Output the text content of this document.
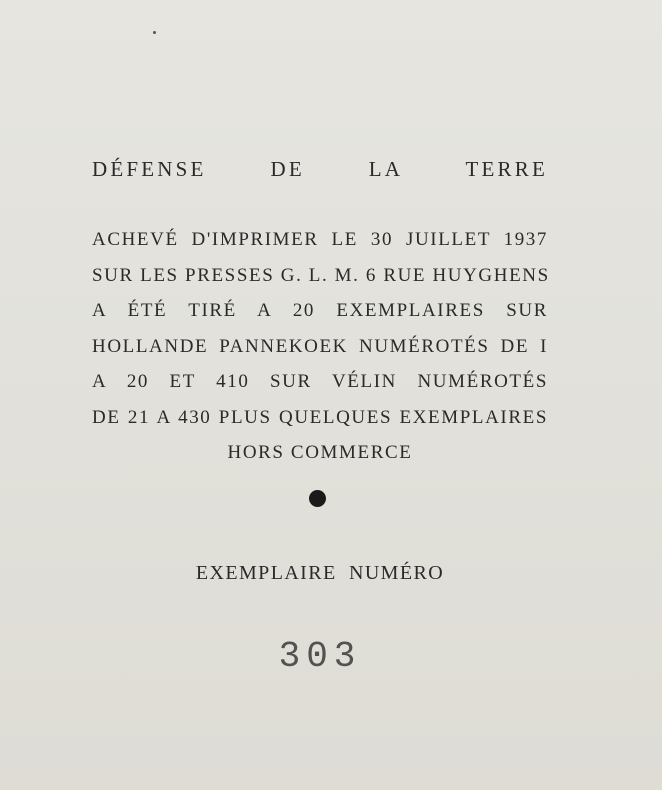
DÉFENSE DE LA TERRE
ACHEVÉ D'IMPRIMER LE 30 JUILLET 1937
SUR LES PRESSES G. L. M. 6 RUE HUYGHENS
A ÉTÉ TIRÉ A 20 EXEMPLAIRES SUR
HOLLANDE PANNEKOEK NUMÉROTÉS DE I
A 20 ET 410 SUR VÉLIN NUMÉROTÉS
DE 21 A 430 PLUS QUELQUES EXEMPLAIRES
HORS COMMERCE
EXEMPLAIRE NUMÉRO
303
